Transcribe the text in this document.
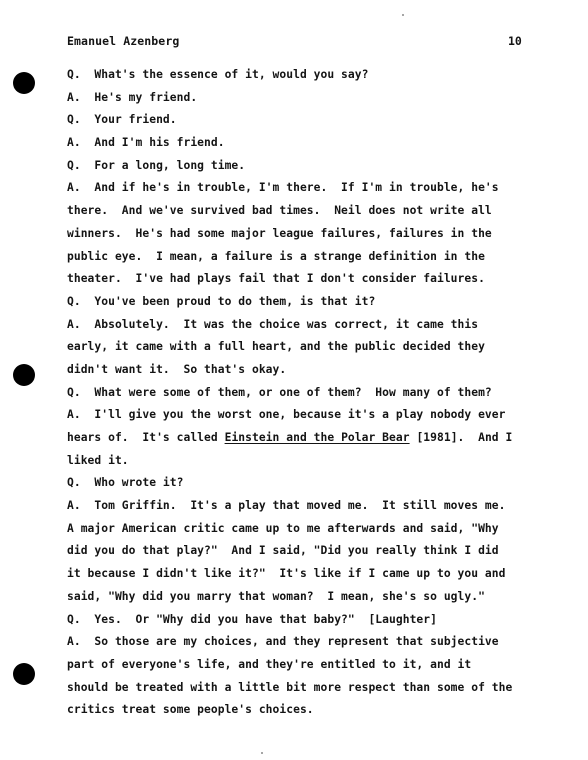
Emanuel Azenberg	10
Q.  What's the essence of it, would you say?
A.  He's my friend.
Q.  Your friend.
A.  And I'm his friend.
Q.  For a long, long time.
A.  And if he's in trouble, I'm there.  If I'm in trouble, he's
there.  And we've survived bad times.  Neil does not write all
winners.  He's had some major league failures, failures in the
public eye.  I mean, a failure is a strange definition in the
theater.  I've had plays fail that I don't consider failures.
Q.  You've been proud to do them, is that it?
A.  Absolutely.  It was the choice was correct, it came this
early, it came with a full heart, and the public decided they
didn't want it.  So that's okay.
Q.  What were some of them, or one of them?  How many of them?
A.  I'll give you the worst one, because it's a play nobody ever
hears of.  It's called Einstein and the Polar Bear [1981].  And I
liked it.
Q.  Who wrote it?
A.  Tom Griffin.  It's a play that moved me.  It still moves me.
A major American critic came up to me afterwards and said, "Why
did you do that play?"  And I said, "Did you really think I did
it because I didn't like it?"  It's like if I came up to you and
said, "Why did you marry that woman?  I mean, she's so ugly."
Q.  Yes.  Or "Why did you have that baby?"  [Laughter]
A.  So those are my choices, and they represent that subjective
part of everyone's life, and they're entitled to it, and it
should be treated with a little bit more respect than some of the
critics treat some people's choices.
